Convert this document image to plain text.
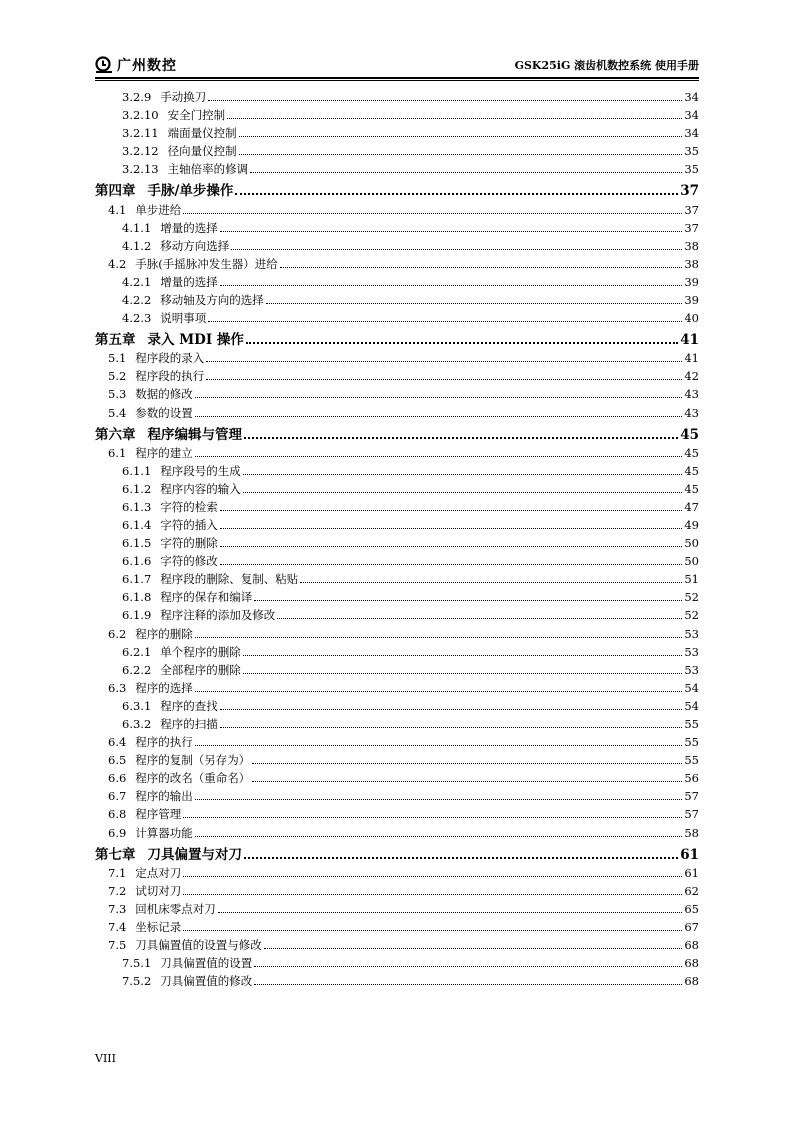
广州数控	GSK25iG 滚齿机数控系统 使用手册
3.2.9 手动换刀	34
3.2.10 安全门控制	34
3.2.11 端面量仪控制	34
3.2.12 径向量仪控制	35
3.2.13 主轴倍率的修调	35
第四章 手脉/单步操作	37
4.1 单步进给	37
4.1.1 增量的选择	37
4.1.2 移动方向选择	38
4.2 手脉(手摇脉冲发生器）进给	38
4.2.1 增量的选择	39
4.2.2 移动轴及方向的选择	39
4.2.3 说明事项	40
第五章 录入 MDI 操作	41
5.1 程序段的录入	41
5.2 程序段的执行	42
5.3 数据的修改	43
5.4 参数的设置	43
第六章 程序编辑与管理	45
6.1 程序的建立	45
6.1.1 程序段号的生成	45
6.1.2 程序内容的输入	45
6.1.3 字符的检索	47
6.1.4 字符的插入	49
6.1.5 字符的删除	50
6.1.6 字符的修改	50
6.1.7 程序段的删除、复制、粘贴	51
6.1.8 程序的保存和编译	52
6.1.9 程序注释的添加及修改	52
6.2 程序的删除	53
6.2.1 单个程序的删除	53
6.2.2 全部程序的删除	53
6.3 程序的选择	54
6.3.1 程序的查找	54
6.3.2 程序的扫描	55
6.4 程序的执行	55
6.5 程序的复制（另存为）	55
6.6 程序的改名（重命名）	56
6.7 程序的输出	57
6.8 程序管理	57
6.9 计算器功能	58
第七章 刀具偏置与对刀	61
7.1 定点对刀	61
7.2 试切对刀	62
7.3 回机床零点对刀	65
7.4 坐标记录	67
7.5 刀具偏置值的设置与修改	68
7.5.1 刀具偏置值的设置	68
7.5.2 刀具偏置值的修改	68
VIII
